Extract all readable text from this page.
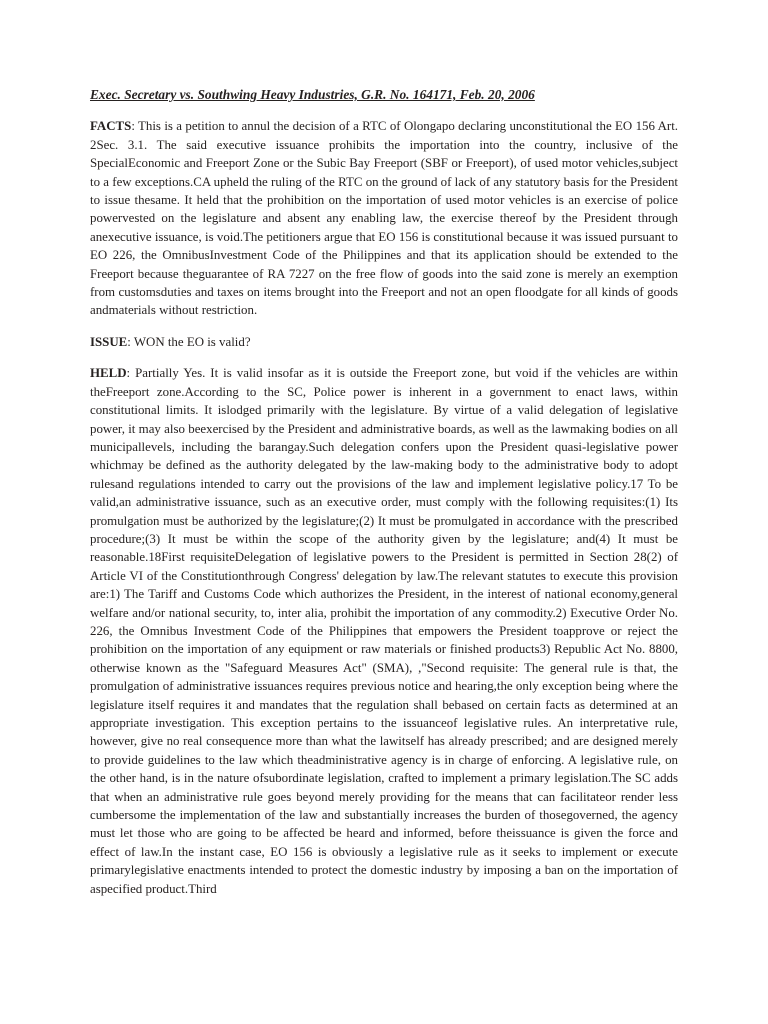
Exec. Secretary vs. Southwing Heavy Industries, G.R. No. 164171, Feb. 20, 2006

FACTS: This is a petition to annul the decision of a RTC of Olongapo declaring unconstitutional the EO 156 Art. 2Sec. 3.1. The said executive issuance prohibits the importation into the country, inclusive of the SpecialEconomic and Freeport Zone or the Subic Bay Freeport (SBF or Freeport), of used motor vehicles,subject to a few exceptions.CA upheld the ruling of the RTC on the ground of lack of any statutory basis for the President to issue thesame. It held that the prohibition on the importation of used motor vehicles is an exercise of police powervested on the legislature and absent any enabling law, the exercise thereof by the President through anexecutive issuance, is void.The petitioners argue that EO 156 is constitutional because it was issued pursuant to EO 226, the OmnibusInvestment Code of the Philippines and that its application should be extended to the Freeport because theguarantee of RA 7227 on the free flow of goods into the said zone is merely an exemption from customsduties and taxes on items brought into the Freeport and not an open floodgate for all kinds of goods andmaterials without restriction.

ISSUE: WON the EO is valid?

HELD: Partially Yes. It is valid insofar as it is outside the Freeport zone, but void if the vehicles are within theFreeport zone.According to the SC, Police power is inherent in a government to enact laws, within constitutional limits. It islodged primarily with the legislature. By virtue of a valid delegation of legislative power, it may also beexercised by the President and administrative boards, as well as the lawmaking bodies on all municipallevels, including the barangay.Such delegation confers upon the President quasi-legislative power whichmay be defined as the authority delegated by the law-making body to the administrative body to adopt rulesand regulations intended to carry out the provisions of the law and implement legislative policy.17 To be valid,an administrative issuance, such as an executive order, must comply with the following requisites:(1) Its promulgation must be authorized by the legislature;(2) It must be promulgated in accordance with the prescribed procedure;(3) It must be within the scope of the authority given by the legislature; and(4) It must be reasonable.18First requisiteDelegation of legislative powers to the President is permitted in Section 28(2) of Article VI of the Constitutionthrough Congress' delegation by law.The relevant statutes to execute this provision are:1) The Tariff and Customs Code which authorizes the President, in the interest of national economy,general welfare and/or national security, to, inter alia, prohibit the importation of any commodity.2) Executive Order No. 226, the Omnibus Investment Code of the Philippines that empowers the President toapprove or reject the prohibition on the importation of any equipment or raw materials or finished products3) Republic Act No. 8800, otherwise known as the "Safeguard Measures Act" (SMA), ,"Second requisite: The general rule is that, the promulgation of administrative issuances requires previous notice and hearing,the only exception being where the legislature itself requires it and mandates that the regulation shall bebased on certain facts as determined at an appropriate investigation. This exception pertains to the issuanceof legislative rules. An interpretative rule, however, give no real consequence more than what the lawitself has already prescribed; and are designed merely to provide guidelines to the law which theadministrative agency is in charge of enforcing. A legislative rule, on the other hand, is in the nature ofsubordinate legislation, crafted to implement a primary legislation.The SC adds that when an administrative rule goes beyond merely providing for the means that can facilitateor render less cumbersome the implementation of the law and substantially increases the burden of thosegoverned, the agency must let those who are going to be affected be heard and informed, before theissuance is given the force and effect of law.In the instant case, EO 156 is obviously a legislative rule as it seeks to implement or execute primarylegislative enactments intended to protect the domestic industry by imposing a ban on the importation of aspecified product.Third
